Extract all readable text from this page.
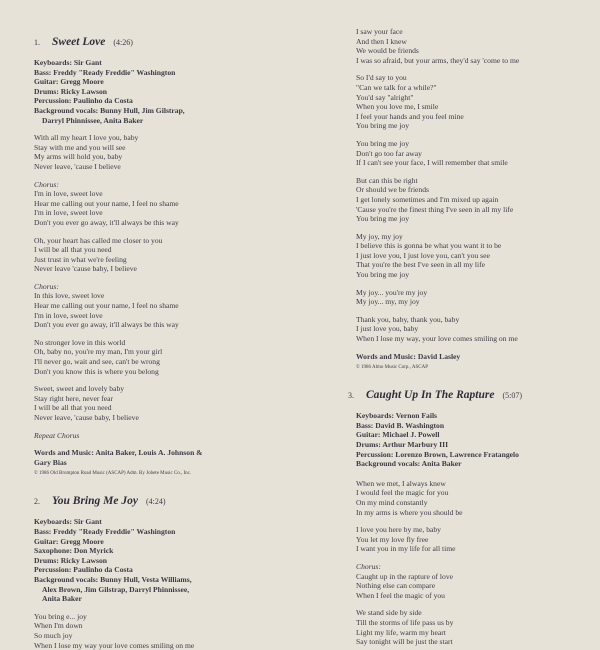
1. Sweet Love (4:26)
Keyboards: Sir Gant
Bass: Freddy "Ready Freddie" Washington
Guitar: Gregg Moore
Drums: Ricky Lawson
Percussion: Paulinho da Costa
Background vocals: Bunny Hull, Jim Gilstrap,
Darryl Phinnissee, Anita Baker
With all my heart I love you, baby
Stay with me and you will see
My arms will hold you, baby
Never leave, 'cause I believe
Chorus:
I'm in love, sweet love
Hear me calling out your name, I feel no shame
I'm in love, sweet love
Don't you ever go away, it'll always be this way
Oh, your heart has called me closer to you
I will be all that you need
Just trust in what we're feeling
Never leave 'cause baby, I believe
Chorus:
In this love, sweet love
Hear me calling out your name, I feel no shame
I'm in love, sweet love
Don't you ever go away, it'll always be this way
No stronger love in this world
Oh, baby no, you're my man, I'm your girl
I'll never go, wait and see, can't be wrong
Don't you know this is where you belong
Sweet, sweet and lovely baby
Stay right here, never fear
I will be all that you need
Never leave, 'cause baby, I believe
Repeat Chorus
Words and Music: Anita Baker, Louis A. Johnson &
Gary Bias
© 1986 Old Brompton Road Music (ASCAP) Adm. By Jobete Music Co., Inc.
2. You Bring Me Joy (4:24)
Keyboards: Sir Gant
Bass: Freddy "Ready Freddie" Washington
Guitar: Gregg Moore
Saxophone: Don Myrick
Drums: Ricky Lawson
Percussion: Paulinho da Costa
Background vocals: Bunny Hull, Vesta Williams,
Alex Brown, Jim Gilstrap, Darryl Phinnissee,
Anita Baker
You bring e... joy
When I'm down
So much joy
When I lose my way your love comes smiling on me
I saw your face
And then I knew
We would be friends
I was so afraid, but your arms, they'd say 'come to me
So I'd say to you
"Can we talk for a while?"
You'd say "alright"
When you love me, I smile
I feel your hands and you feel mine
You bring me joy
You bring me joy
Don't go too far away
If I can't see your face, I will remember that smile
But can this be right
Or should we be friends
I get lonely sometimes and I'm mixed up again
'Cause you're the finest thing I've seen in all my life
You bring me joy
My joy, my joy
I believe this is gonna be what you want it to be
I just love you, I just love you, can't you see
That you're the best I've seen in all my life
You bring me joy
My joy... you're my joy
My joy... my, my joy
Thank you, baby, thank you, baby
I just love you, baby
When I lose my way, your love comes smiling on me
Words and Music: David Lasley
© 1986 Almo Music Corp., ASCAP
3. Caught Up In The Rapture (5:07)
Keyboards: Vernon Fails
Bass: David B. Washington
Guitar: Michael J. Powell
Drums: Arthur Marbury III
Percussion: Lorenzo Brown, Lawrence Fratangelo
Background vocals: Anita Baker
When we met, I always knew
I would feel the magic for you
On my mind constantly
In my arms is where you should be
I love you here by me, baby
You let my love fly free
I want you in my life for all time
Chorus:
Caught up in the rapture of love
Nothing else can compare
When I feel the magic of you
We stand side by side
Till the storms of life pass us by
Light my life, warm my heart
Say tonight will be just the start
